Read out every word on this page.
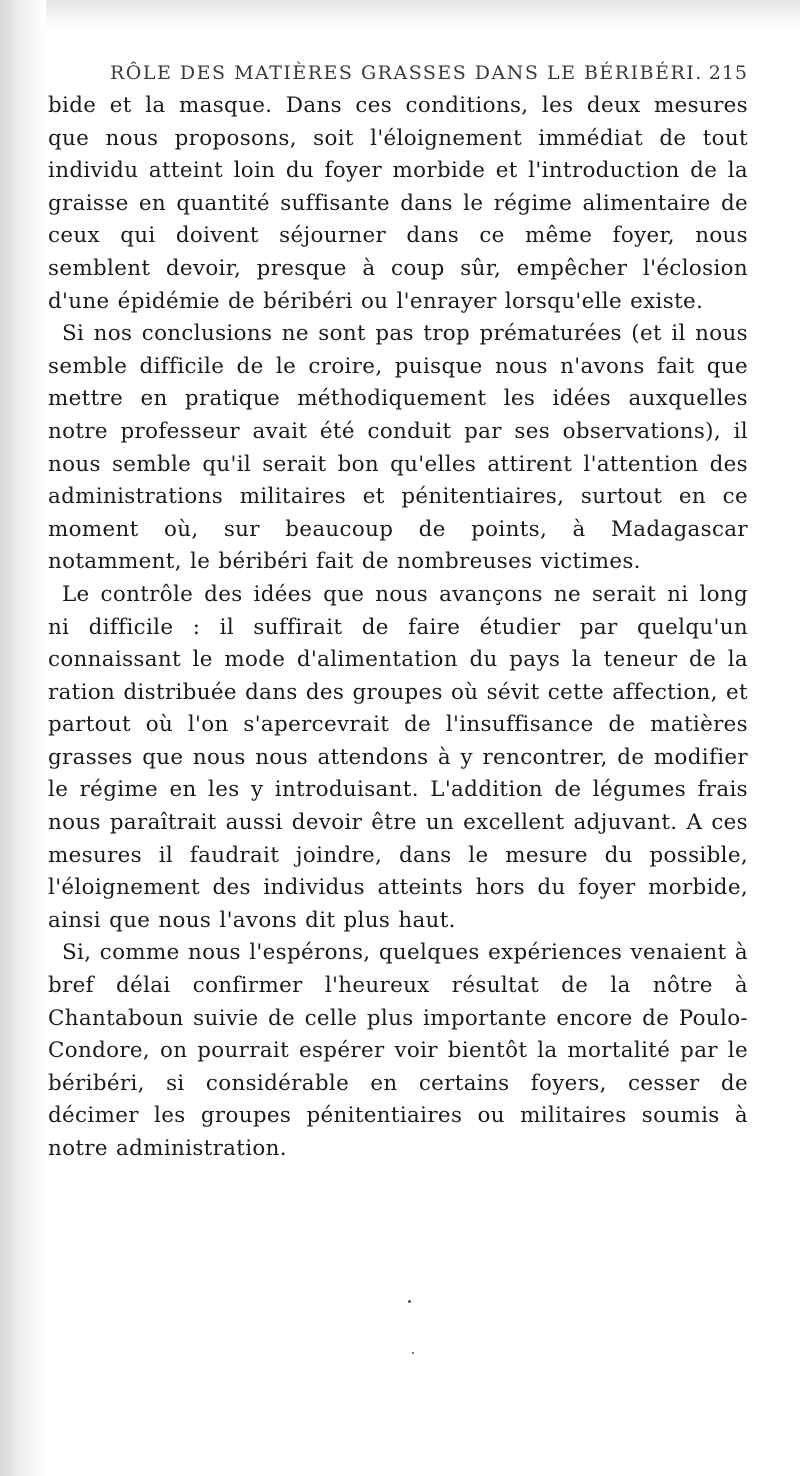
RÔLE DES MATIÈRES GRASSES DANS LE BÉRIBÉRI. 215

bide et la masque. Dans ces conditions, les deux mesures que nous proposons, soit l'éloignement immédiat de tout individu atteint loin du foyer morbide et l'introduction de la graisse en quantité suffisante dans le régime alimentaire de ceux qui doivent séjourner dans ce même foyer, nous semblent devoir, presque à coup sûr, empêcher l'éclosion d'une épidémie de béribéri ou l'enrayer lorsqu'elle existe.

Si nos conclusions ne sont pas trop prématurées (et il nous semble difficile de le croire, puisque nous n'avons fait que mettre en pratique méthodiquement les idées auxquelles notre professeur avait été conduit par ses observations), il nous semble qu'il serait bon qu'elles attirent l'attention des administrations militaires et pénitentiaires, surtout en ce moment où, sur beaucoup de points, à Madagascar notamment, le béribéri fait de nombreuses victimes.

Le contrôle des idées que nous avançons ne serait ni long ni difficile : il suffirait de faire étudier par quelqu'un connaissant le mode d'alimentation du pays la teneur de la ration distribuée dans des groupes où sévit cette affection, et partout où l'on s'apercevrait de l'insuffisance de matières grasses que nous nous attendons à y rencontrer, de modifier le régime en les y introduisant. L'addition de légumes frais nous paraîtrait aussi devoir être un excellent adjuvant. A ces mesures il faudrait joindre, dans le mesure du possible, l'éloignement des individus atteints hors du foyer morbide, ainsi que nous l'avons dit plus haut.

Si, comme nous l'espérons, quelques expériences venaient à bref délai confirmer l'heureux résultat de la nôtre à Chantaboun suivie de celle plus importante encore de Poulo-Condore, on pourrait espérer voir bientôt la mortalité par le béribéri, si considérable en certains foyers, cesser de décimer les groupes pénitentiaires ou militaires soumis à notre administration.
